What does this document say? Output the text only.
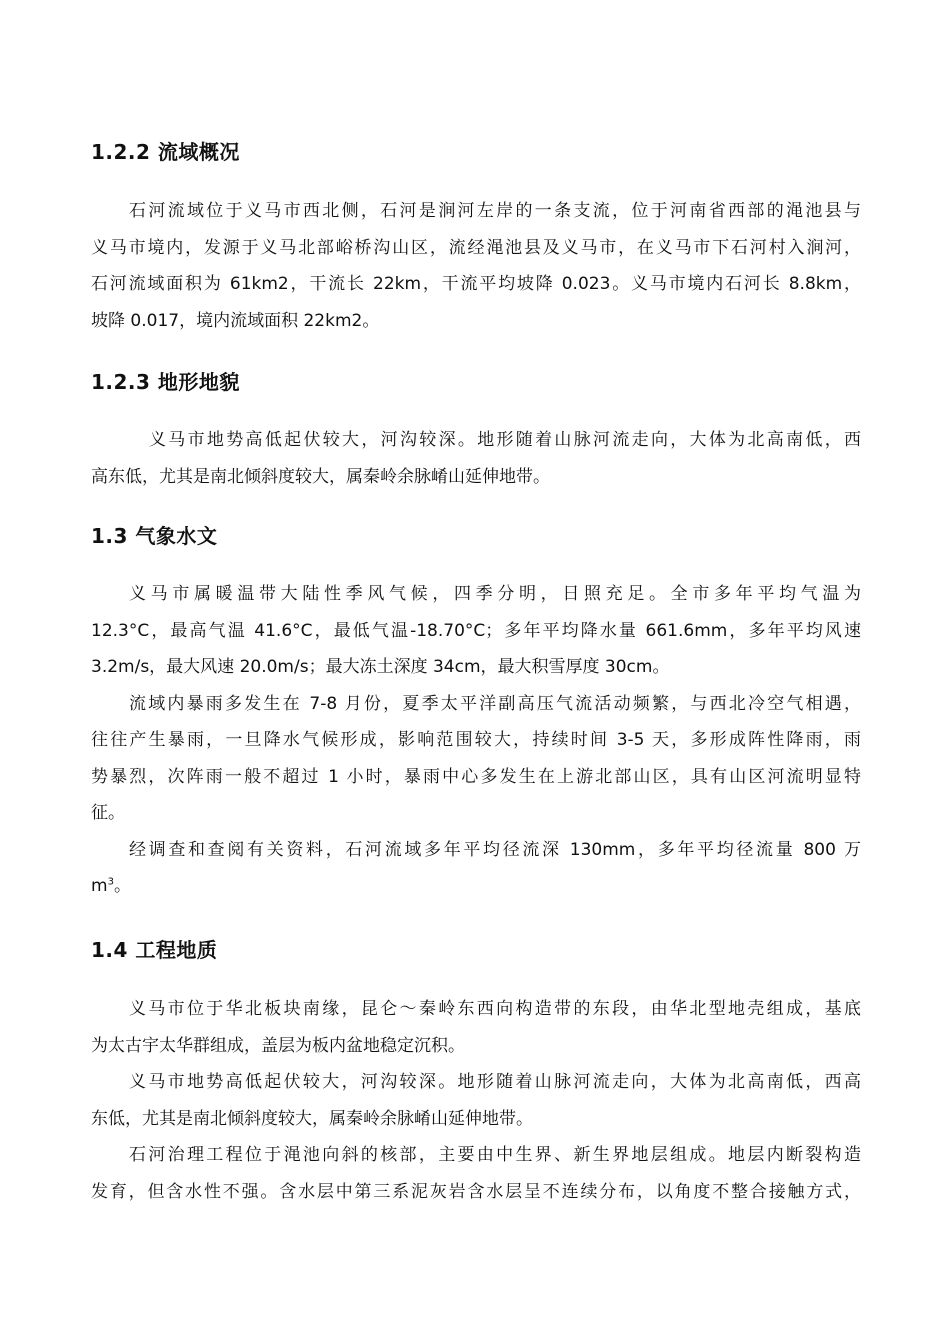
1.2.2 流域概况
石河流域位于义马市西北侧，石河是涧河左岸的一条支流，位于河南省西部的渑池县与
义马市境内，发源于义马北部峪桥沟山区，流经渑池县及义马市，在义马市下石河村入涧河，
石河流域面积为 61km2，干流长 22km，干流平均坡降 0.023。义马市境内石河长 8.8km，
坡降 0.017，境内流域面积 22km2。
1.2.3 地形地貌
义马市地势高低起伏较大，河沟较深。地形随着山脉河流走向，大体为北高南低，西
高东低，尤其是南北倾斜度较大，属秦岭余脉崤山延伸地带。
1.3 气象水文
义马市属暖温带大陆性季风气候，四季分明，日照充足。全市多年平均气温为
12.3°C，最高气温 41.6°C，最低气温-18.70°C；多年平均降水量 661.6mm，多年平均风速
3.2m/s，最大风速 20.0m/s；最大冻土深度 34cm，最大积雪厚度 30cm。
流域内暴雨多发生在 7-8 月份，夏季太平洋副高压气流活动频繁，与西北冷空气相遇，
往往产生暴雨，一旦降水气候形成，影响范围较大，持续时间 3-5 天，多形成阵性降雨，雨
势暴烈，次阵雨一般不超过 1 小时，暴雨中心多发生在上游北部山区，具有山区河流明显特
征。
经调查和查阅有关资料，石河流域多年平均径流深 130mm，多年平均径流量 800 万
$m^3$。
1.4 工程地质
义马市位于华北板块南缘，昆仑～秦岭东西向构造带的东段，由华北型地壳组成，基底
为太古宇太华群组成，盖层为板内盆地稳定沉积。
义马市地势高低起伏较大，河沟较深。地形随着山脉河流走向，大体为北高南低，西高
东低，尤其是南北倾斜度较大，属秦岭余脉崤山延伸地带。
石河治理工程位于渑池向斜的核部，主要由中生界、新生界地层组成。地层内断裂构造
发育，但含水性不强。含水层中第三系泥灰岩含水层呈不连续分布，以角度不整合接触方式，
